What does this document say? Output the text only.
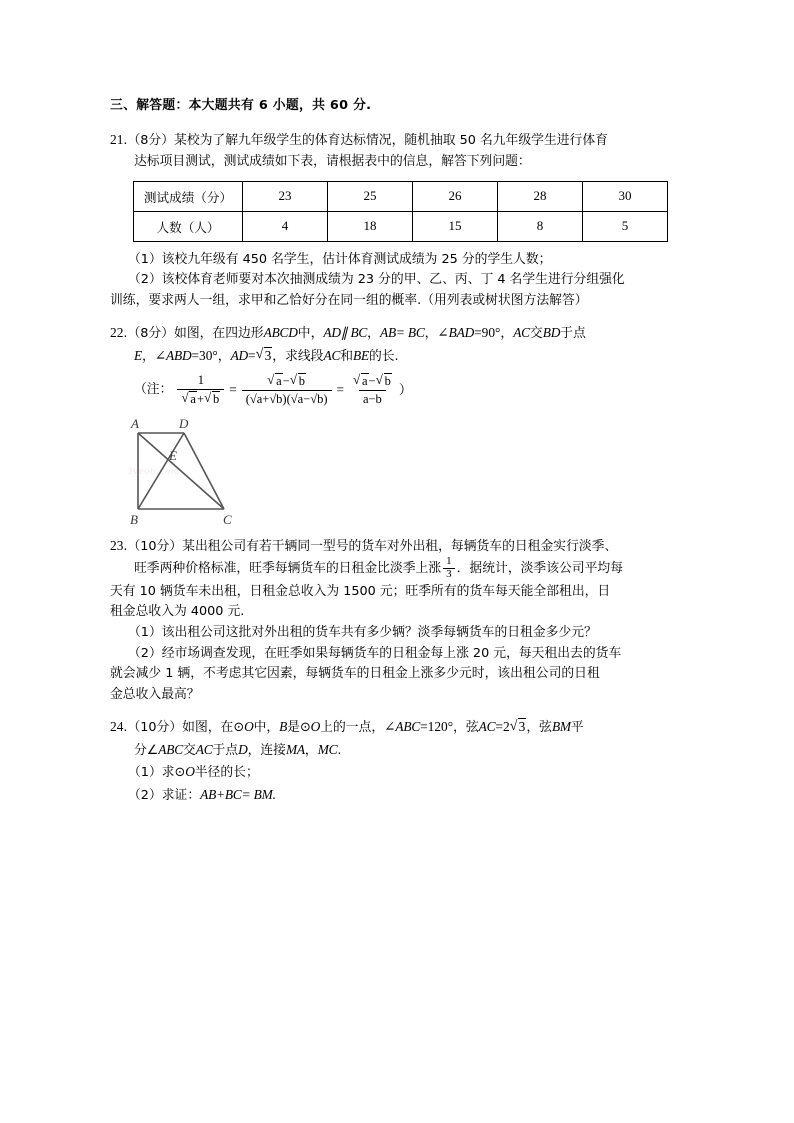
三、解答题：本大题共有 6 小题，共 60 分.
21.（8分）某校为了解九年级学生的体育达标情况，随机抽取 50 名九年级学生进行体育
达标项目测试，测试成绩如下表，请根据表中的信息，解答下列问题：
测试成绩（分）	23	25	26	28	30
人数（人）	4	18	15	8	5
（1）该校九年级有 450 名学生，估计体育测试成绩为 25 分的学生人数；
（2）该校体育老师要对本次抽测成绩为 23 分的甲、乙、丙、丁 4 名学生进行分组强化
训练，要求两人一组，求甲和乙恰好分在同一组的概率.（用列表或树状图方法解答）
22.（8分）如图，在四边形ABCD中，AD∥ BC，AB= BC，∠BAD=90°，AC交BD于点
E，∠ABD=30°，AD= √ 3，求线段AC和BE的长.
（注： 1
√ a+ √ b = √ $\frac{a- √ b}{(√a+√b)(√a-√b)}$ = √ $\frac{a- √ b}{a-b}$ ）
Jyeoo.com
A	D
E
B	C
23.（10分）某出租公司有若干辆同一型号的货车对外出租，每辆货车的日租金实行淡季、
旺季两种价格标准，旺季每辆货车的日租金比淡季上涨 $\frac{1}{3}$ ．据统计，淡季该公司平均每
天有 10 辆货车未出租，日租金总收入为 1500 元；旺季所有的货车每天能全部租出，日
租金总收入为 4000 元.
（1）该出租公司这批对外出租的货车共有多少辆？淡季每辆货车的日租金多少元？
（2）经市场调查发现，在旺季如果每辆货车的日租金每上涨 20 元，每天租出去的货车
就会减少 1 辆，不考虑其它因素，每辆货车的日租金上涨多少元时，该出租公司的日租
金总收入最高？
24.（10分）如图，在⊙O中，B是⊙O上的一点，∠ABC=120°，弦AC=2 √ 3，弦BM平
分∠ABC交AC于点D，连接MA，MC.
（1）求⊙O半径的长；
（2）求证：AB+BC= BM.
